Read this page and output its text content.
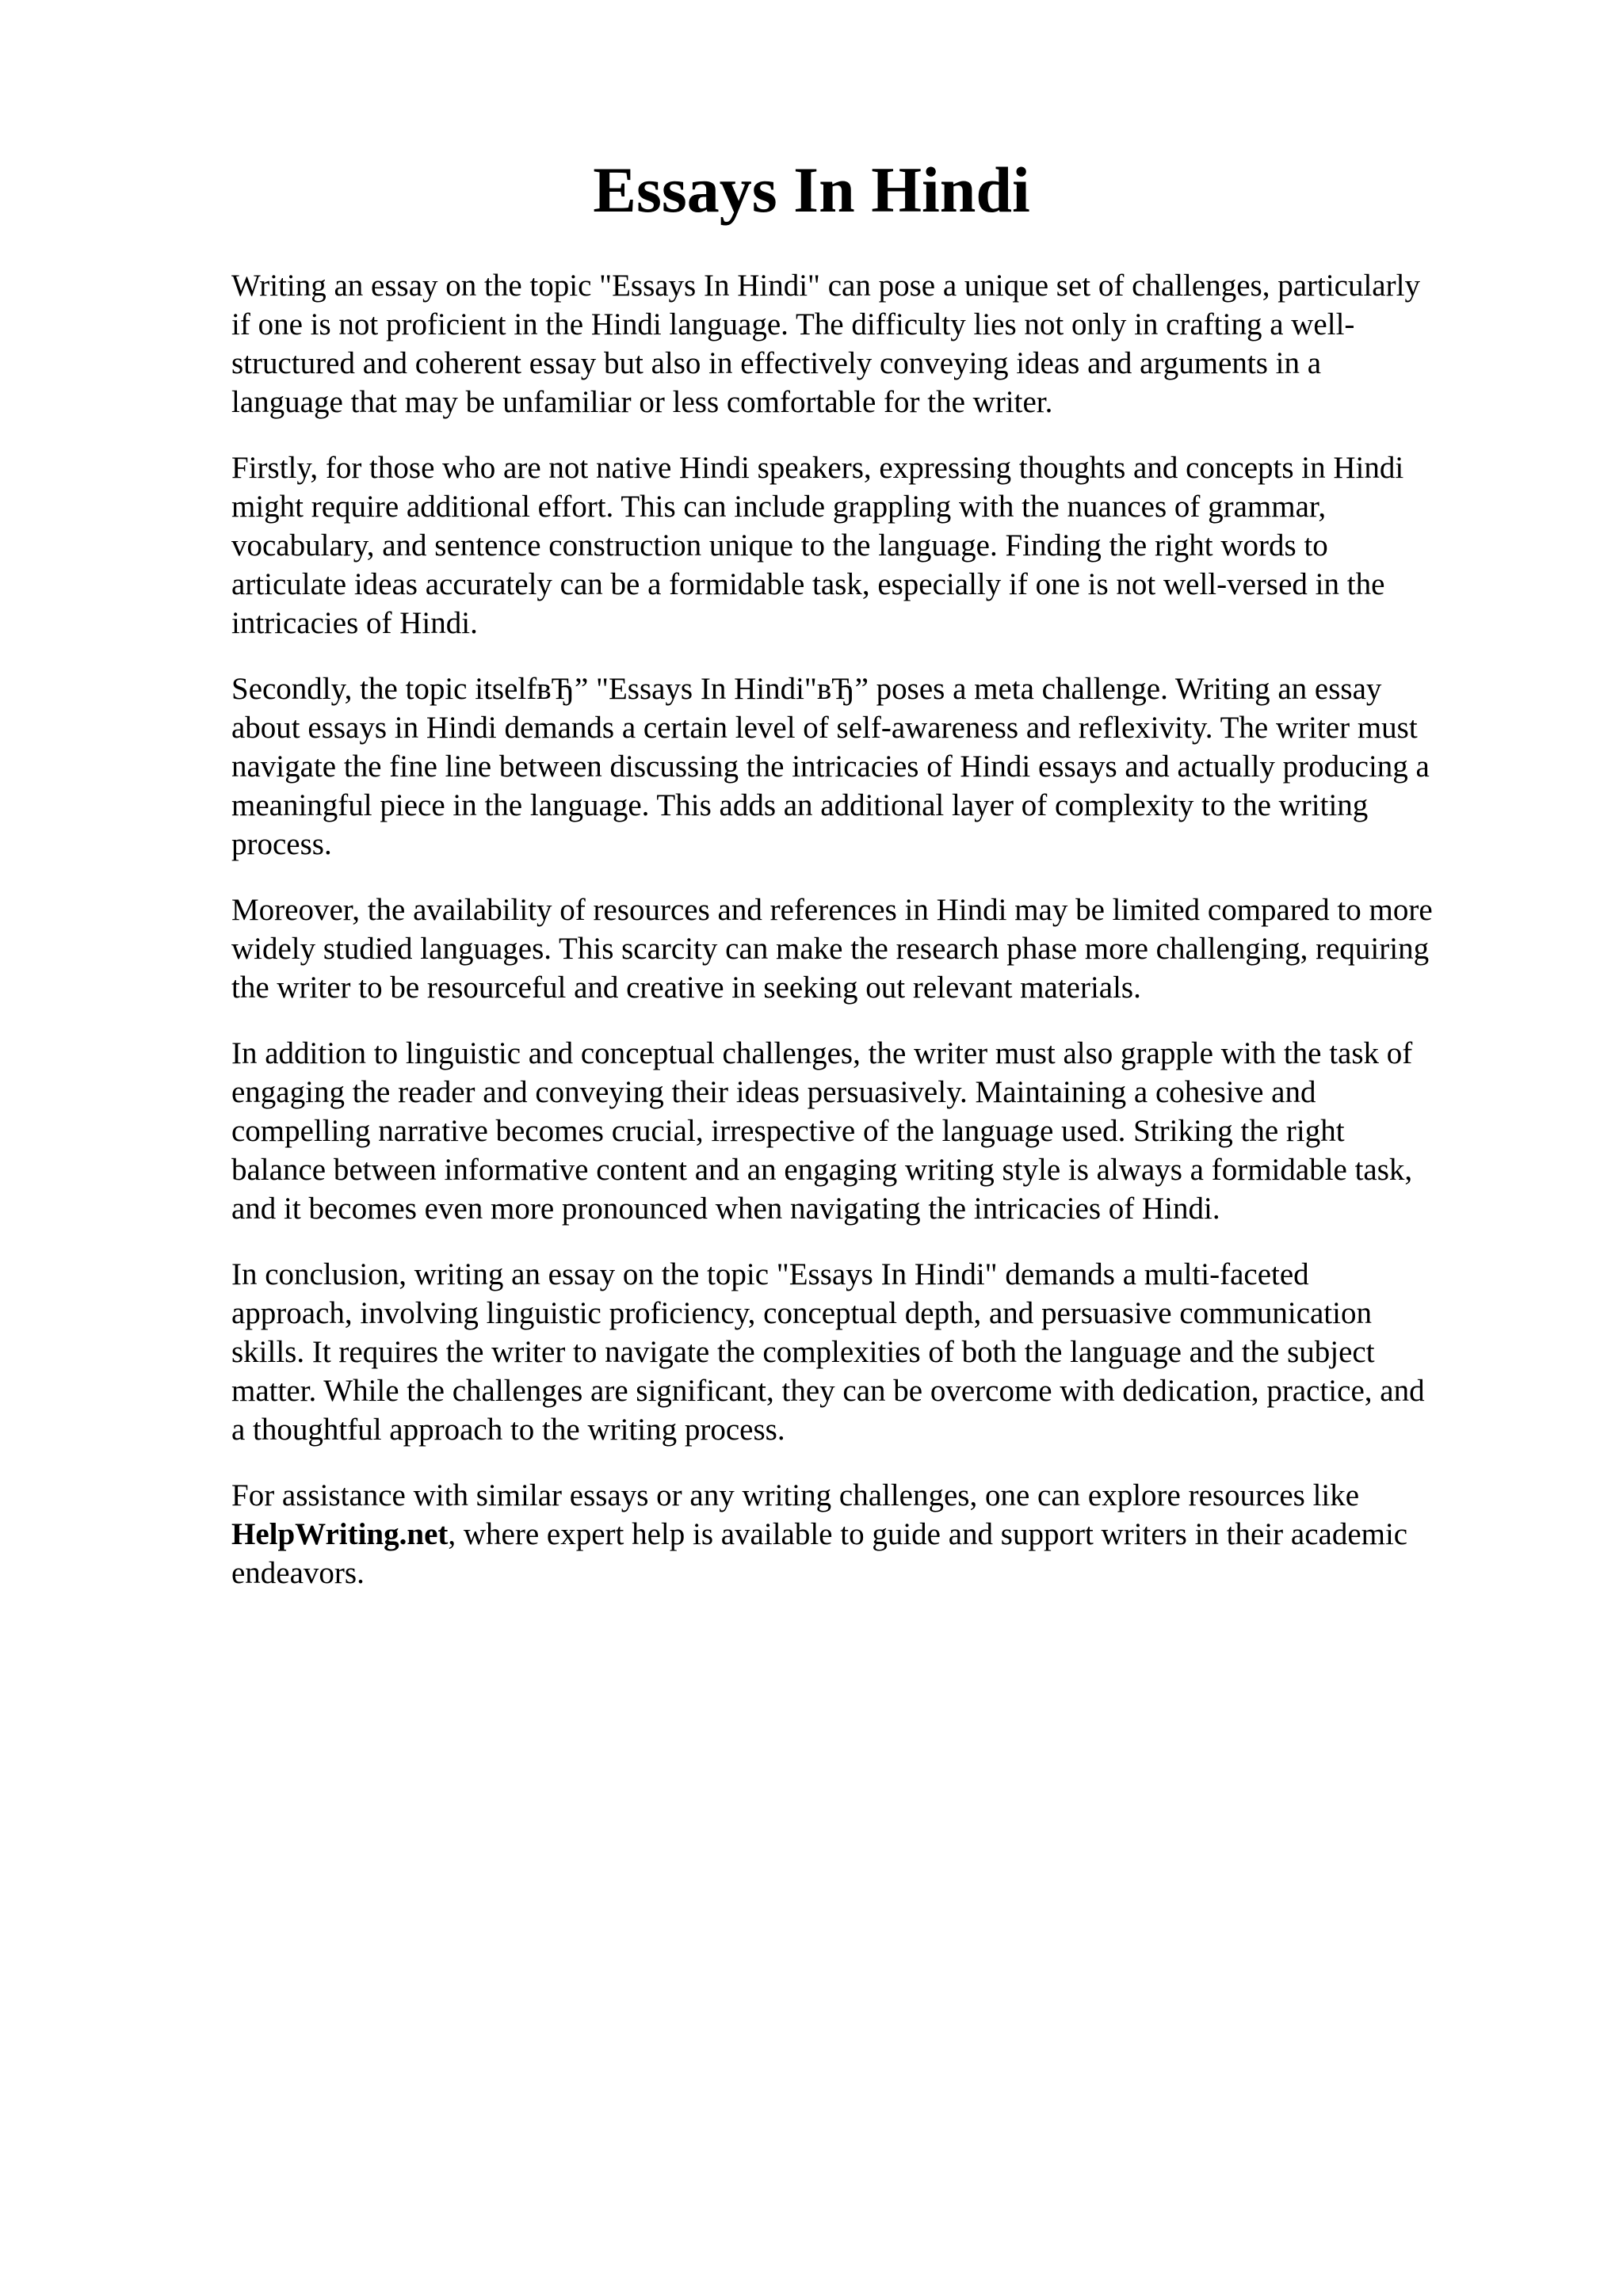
Essays In Hindi

Writing an essay on the topic "Essays In Hindi" can pose a unique set of challenges, particularly
if one is not proficient in the Hindi language. The difficulty lies not only in crafting a well-
structured and coherent essay but also in effectively conveying ideas and arguments in a
language that may be unfamiliar or less comfortable for the writer.

Firstly, for those who are not native Hindi speakers, expressing thoughts and concepts in Hindi
might require additional effort. This can include grappling with the nuances of grammar,
vocabulary, and sentence construction unique to the language. Finding the right words to
articulate ideas accurately can be a formidable task, especially if one is not well-versed in the
intricacies of Hindi.

Secondly, the topic itselfвЂ” "Essays In Hindi"вЂ” poses a meta challenge. Writing an essay
about essays in Hindi demands a certain level of self-awareness and reflexivity. The writer must
navigate the fine line between discussing the intricacies of Hindi essays and actually producing a
meaningful piece in the language. This adds an additional layer of complexity to the writing
process.

Moreover, the availability of resources and references in Hindi may be limited compared to more
widely studied languages. This scarcity can make the research phase more challenging, requiring
the writer to be resourceful and creative in seeking out relevant materials.

In addition to linguistic and conceptual challenges, the writer must also grapple with the task of
engaging the reader and conveying their ideas persuasively. Maintaining a cohesive and
compelling narrative becomes crucial, irrespective of the language used. Striking the right
balance between informative content and an engaging writing style is always a formidable task,
and it becomes even more pronounced when navigating the intricacies of Hindi.

In conclusion, writing an essay on the topic "Essays In Hindi" demands a multi-faceted
approach, involving linguistic proficiency, conceptual depth, and persuasive communication
skills. It requires the writer to navigate the complexities of both the language and the subject
matter. While the challenges are significant, they can be overcome with dedication, practice, and
a thoughtful approach to the writing process.

For assistance with similar essays or any writing challenges, one can explore resources like
HelpWriting.net, where expert help is available to guide and support writers in their academic
endeavors.
